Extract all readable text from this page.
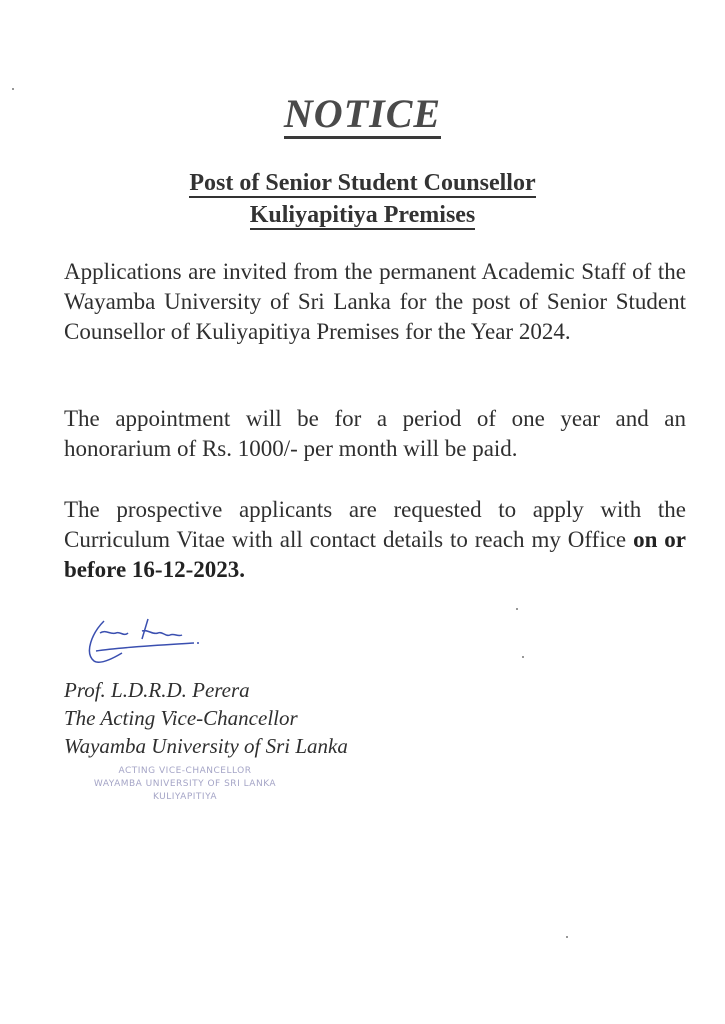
NOTICE
Post of Senior Student Counsellor
Kuliyapitiya Premises
Applications are invited from the permanent Academic Staff of the Wayamba University of Sri Lanka for the post of Senior Student Counsellor of Kuliyapitiya Premises for the Year 2024.
The appointment will be for a period of one year and an honorarium of Rs. 1000/- per month will be paid.
The prospective applicants are requested to apply with the Curriculum Vitae with all contact details to reach my Office on or before 16-12-2023.
Prof. L.D.R.D. Perera
The Acting Vice-Chancellor
Wayamba University of Sri Lanka
ACTING VICE-CHANCELLOR
WAYAMBA UNIVERSITY OF SRI LANKA
KULIYAPITIYA
